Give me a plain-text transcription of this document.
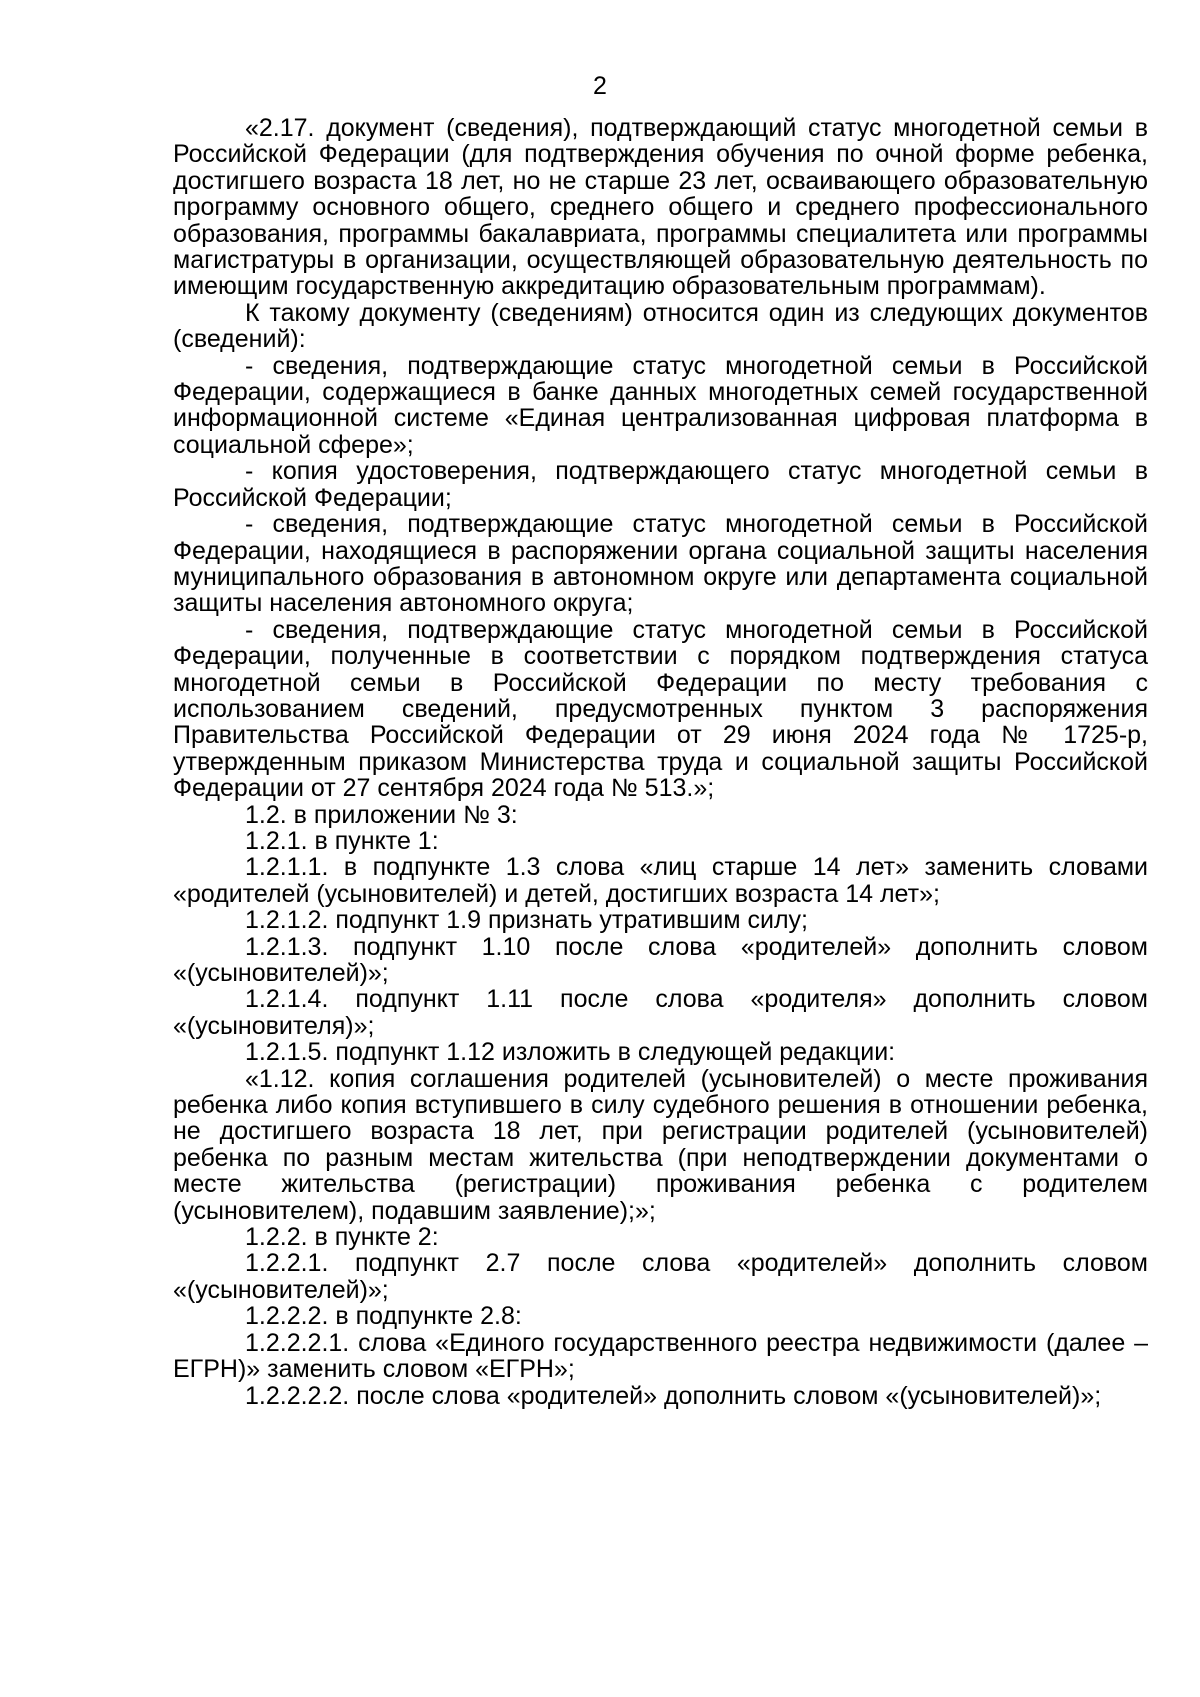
2

«2.17. документ (сведения), подтверждающий статус многодетной семьи в Российской Федерации (для подтверждения обучения по очной форме ребенка, достигшего возраста 18 лет, но не старше 23 лет, осваивающего образовательную программу основного общего, среднего общего и среднего профессионального образования, программы бакалавриата, программы специалитета или программы магистратуры в организации, осуществляющей образовательную деятельность по имеющим государственную аккредитацию образовательным программам).

К такому документу (сведениям) относится один из следующих документов (сведений):

- сведения, подтверждающие статус многодетной семьи в Российской Федерации, содержащиеся в банке данных многодетных семей государственной информационной системе «Единая централизованная цифровая платформа в социальной сфере»;

- копия удостоверения, подтверждающего статус многодетной семьи в Российской Федерации;

- сведения, подтверждающие статус многодетной семьи в Российской Федерации, находящиеся в распоряжении органа социальной защиты населения муниципального образования в автономном округе или департамента социальной защиты населения автономного округа;

- сведения, подтверждающие статус многодетной семьи в Российской Федерации, полученные в соответствии с порядком подтверждения статуса многодетной семьи в Российской Федерации по месту требования с использованием сведений, предусмотренных пунктом 3 распоряжения Правительства Российской Федерации от 29 июня 2024 года № 1725-р, утвержденным приказом Министерства труда и социальной защиты Российской Федерации от 27 сентября 2024 года № 513.»;

1.2. в приложении № 3:

1.2.1. в пункте 1:

1.2.1.1. в подпункте 1.3 слова «лиц старше 14 лет» заменить словами «родителей (усыновителей) и детей, достигших возраста 14 лет»;

1.2.1.2. подпункт 1.9 признать утратившим силу;

1.2.1.3. подпункт 1.10 после слова «родителей» дополнить словом «(усыновителей)»;

1.2.1.4. подпункт 1.11 после слова «родителя» дополнить словом «(усыновителя)»;

1.2.1.5. подпункт 1.12 изложить в следующей редакции:

«1.12. копия соглашения родителей (усыновителей) о месте проживания ребенка либо копия вступившего в силу судебного решения в отношении ребенка, не достигшего возраста 18 лет, при регистрации родителей (усыновителей) ребенка по разным местам жительства (при неподтверждении документами о месте жительства (регистрации) проживания ребенка с родителем (усыновителем), подавшим заявление);»;

1.2.2. в пункте 2:

1.2.2.1. подпункт 2.7 после слова «родителей» дополнить словом «(усыновителей)»;

1.2.2.2. в подпункте 2.8:

1.2.2.2.1. слова «Единого государственного реестра недвижимости (далее – ЕГРН)» заменить словом «ЕГРН»;

1.2.2.2.2. после слова «родителей» дополнить словом «(усыновителей)»;
